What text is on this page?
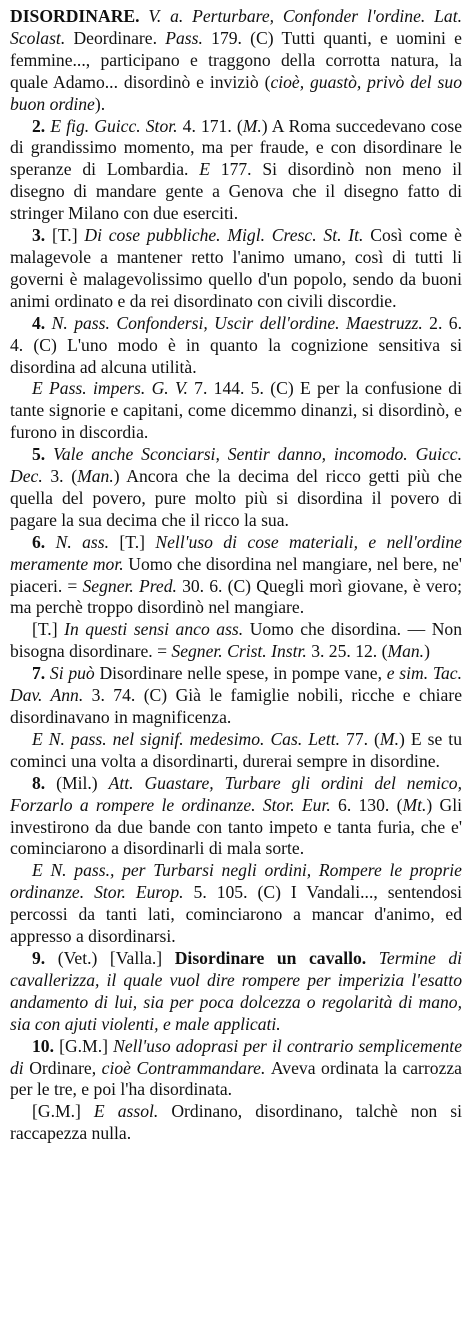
DISORDINARE. V. a. Perturbare, Confonder l'ordine. Lat. Scolast. Deordinare. Pass. 179. (C) Tutti quanti, e uomini e femmine..., participano e traggono della corrotta natura, la quale Adamo... disordinò e inviziò (cioè, guastò, privò del suo buon ordine).

2. E fig. Guicc. Stor. 4. 171. (M.) A Roma succedevano cose di grandissimo momento, ma per fraude, e con disordinare le speranze di Lombardia. E 177. Si disordinò non meno il disegno di mandare gente a Genova che il disegno fatto di stringer Milano con due eserciti.

3. [T.] Di cose pubbliche. Migl. Cresc. St. It. Così come è malagevole a mantener retto l'animo umano, così di tutti li governi è malagevolissimo quello d'un popolo, sendo da buoni animi ordinato e da rei disordinato con civili discordie.

4. N. pass. Confondersi, Uscir dell'ordine. Maestruzz. 2. 6. 4. (C) L'uno modo è in quanto la cognizione sensitiva si disordina ad alcuna utilità.

E Pass. impers. G. V. 7. 144. 5. (C) E per la confusione di tante signorie e capitani, come dicemmo dinanzi, si disordinò, e furono in discordia.

5. Vale anche Sconciarsi, Sentir danno, incomodo. Guicc. Dec. 3. (Man.) Ancora che la decima del ricco getti più che quella del povero, pure molto più si disordina il povero di pagare la sua decima che il ricco la sua.

6. N. ass. [T.] Nell'uso di cose materiali, e nell'ordine meramente mor. Uomo che disordina nel mangiare, nel bere, ne' piaceri. = Segner. Pred. 30. 6. (C) Quegli morì giovane, è vero; ma perchè troppo disordinò nel mangiare.

[T.] In questi sensi anco ass. Uomo che disordina. — Non bisogna disordinare. = Segner. Crist. Instr. 3. 25. 12. (Man.)

7. Si può Disordinare nelle spese, in pompe vane, e sim. Tac. Dav. Ann. 3. 74. (C) Già le famiglie nobili, ricche e chiare disordinavano in magnificenza.

E N. pass. nel signif. medesimo. Cas. Lett. 77. (M.) E se tu cominci una volta a disordinarti, durerai sempre in disordine.

8. (Mil.) Att. Guastare, Turbare gli ordini del nemico, Forzarlo a rompere le ordinanze. Stor. Eur. 6. 130. (Mt.) Gli investirono da due bande con tanto impeto e tanta furia, che e' cominciarono a disordinarli di mala sorte.

E N. pass., per Turbarsi negli ordini, Rompere le proprie ordinanze. Stor. Europ. 5. 105. (C) I Vandali..., sentendosi percossi da tanti lati, cominciarono a mancar d'animo, ed appresso a disordinarsi.

9. (Vet.) [Valla.] Disordinare un cavallo. Termine di cavallerizza, il quale vuol dire rompere per imperizia l'esatto andamento di lui, sia per poca dolcezza o regolarità di mano, sia con ajuti violenti, e male applicati.

10. [G.M.] Nell'uso adoprasi per il contrario semplicemente di Ordinare, cioè Contrammandare. Aveva ordinata la carrozza per le tre, e poi l'ha disordinata.

[G.M.] E assol. Ordinano, disordinano, talchè non si raccapezza nulla.
